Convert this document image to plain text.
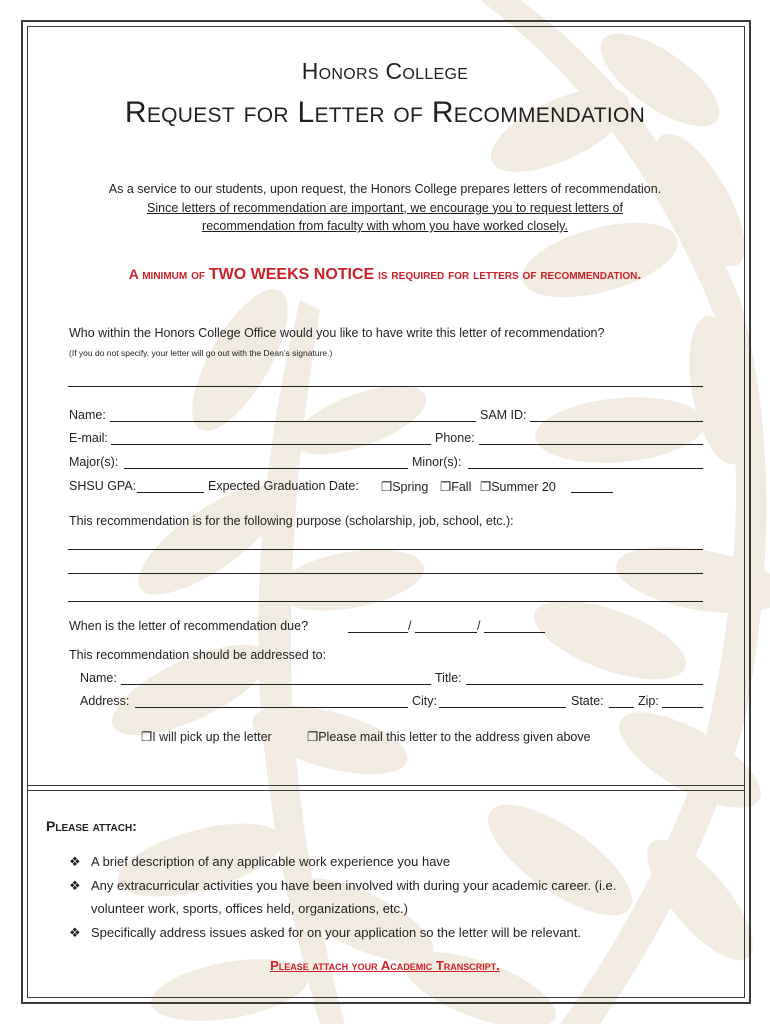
Honors College
Request for Letter of Recommendation
As a service to our students, upon request, the Honors College prepares letters of recommendation.
Since letters of recommendation are important, we encourage you to request letters of
recommendation from faculty with whom you have worked closely.
A minimum of TWO WEEKS NOTICE is required for letters of recommendation.
Who within the Honors College Office would you like to have write this letter of recommendation?
(If you do not specify, your letter will go out with the Dean’s signature.)
Name:	SAM ID:
E-mail:	Phone:
Major(s):	Minor(s):
SHSU GPA:	Expected Graduation Date: ❐Spring ❐Fall ❐Summer 20
This recommendation is for the following purpose (scholarship, job, school, etc.):
When is the letter of recommendation due?	/	/
This recommendation should be addressed to:
Name:	Title:
Address:	City:	State:	Zip:
❐I will pick up the letter	❐Please mail this letter to the address given above
Please attach:
❖ A brief description of any applicable work experience you have
❖ Any extracurricular activities you have been involved with during your academic career. (i.e.
volunteer work, sports, offices held, organizations, etc.)
❖ Specifically address issues asked for on your application so the letter will be relevant.
Please attach your Academic Transcript.
